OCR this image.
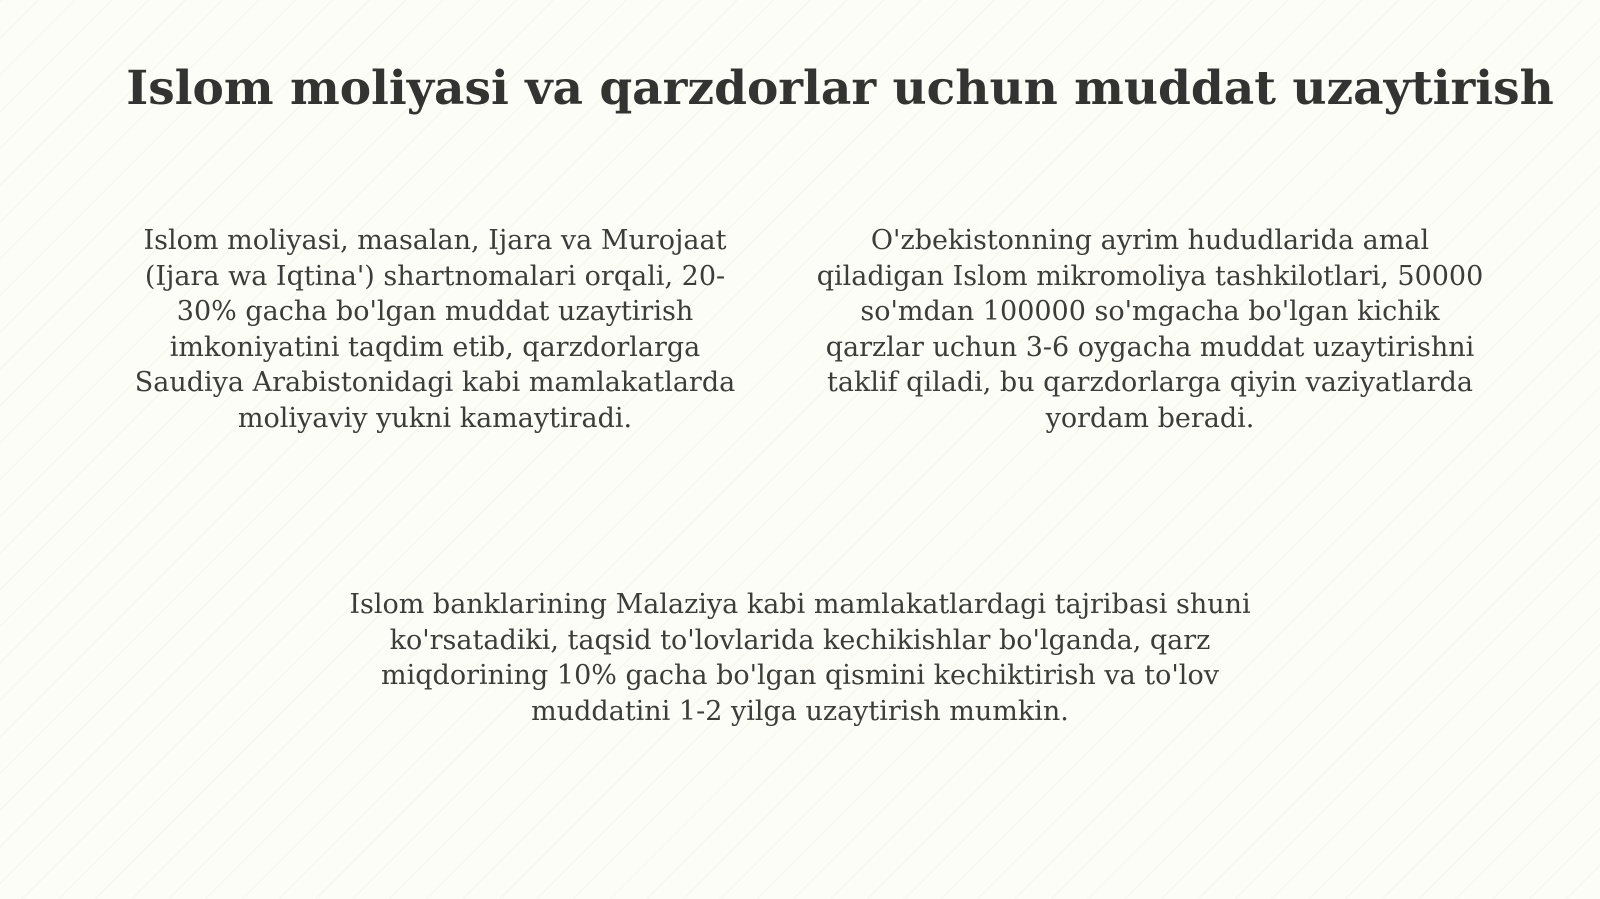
Islom moliyasi va qarzdorlar uchun muddat uzaytirish

Islom moliyasi, masalan, Ijara va Murojaat
(Ijara wa Iqtina') shartnomalari orqali, 20-
30% gacha bo'lgan muddat uzaytirish
imkoniyatini taqdim etib, qarzdorlarga
Saudiya Arabistonidagi kabi mamlakatlarda
moliyaviy yukni kamaytiradi.

O'zbekistonning ayrim hududlarida amal
qiladigan Islom mikromoliya tashkilotlari, 50000
so'mdan 100000 so'mgacha bo'lgan kichik
qarzlar uchun 3-6 oygacha muddat uzaytirishni
taklif qiladi, bu qarzdorlarga qiyin vaziyatlarda
yordam beradi.

Islom banklarining Malaziya kabi mamlakatlardagi tajribasi shuni
ko'rsatadiki, taqsid to'lovlarida kechikishlar bo'lganda, qarz
miqdorining 10% gacha bo'lgan qismini kechiktirish va to'lov
muddatini 1-2 yilga uzaytirish mumkin.
